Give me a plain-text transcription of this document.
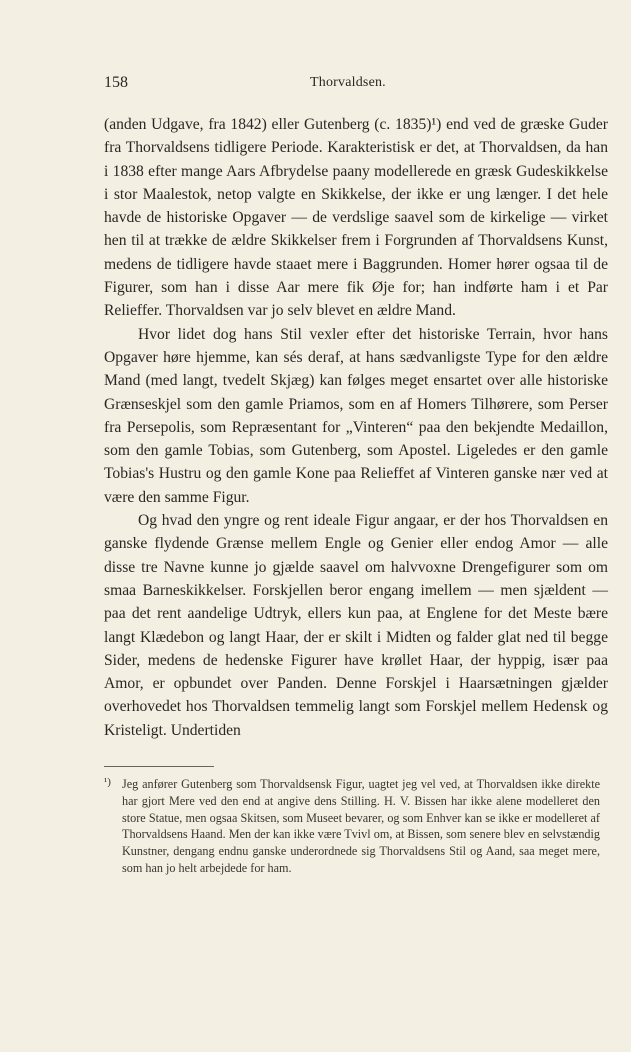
158	Thorvaldsen.

(anden Udgave, fra 1842) eller Gutenberg (c. 1835)¹) end ved de græske Guder fra Thorvaldsens tidligere Periode. Karakteristisk er det, at Thorvaldsen, da han i 1838 efter mange Aars Afbrydelse paany modellerede en græsk Gudeskikkelse i stor Maalestok, netop valgte en Skikkelse, der ikke er ung længer. I det hele havde de historiske Opgaver — de verdslige saavel som de kirkelige — virket hen til at trække de ældre Skikkelser frem i Forgrunden af Thorvaldsens Kunst, medens de tidligere havde staaet mere i Baggrunden. Homer hører ogsaa til de Figurer, som han i disse Aar mere fik Øje for; han indførte ham i et Par Relieffer. Thorvaldsen var jo selv blevet en ældre Mand.

Hvor lidet dog hans Stil vexler efter det historiske Terrain, hvor hans Opgaver høre hjemme, kan sés deraf, at hans sædvanligste Type for den ældre Mand (med langt, tvedelt Skjæg) kan følges meget ensartet over alle historiske Grænseskjel som den gamle Priamos, som en af Homers Tilhørere, som Perser fra Persepolis, som Repræsentant for „Vinteren“ paa den bekjendte Medaillon, som den gamle Tobias, som Gutenberg, som Apostel. Ligeledes er den gamle Tobias's Hustru og den gamle Kone paa Relieffet af Vinteren ganske nær ved at være den samme Figur.

Og hvad den yngre og rent ideale Figur angaar, er der hos Thorvaldsen en ganske flydende Grænse mellem Engle og Genier eller endog Amor — alle disse tre Navne kunne jo gjælde saavel om halvvoxne Drengefigurer som om smaa Barneskikkelser. Forskjellen beror engang imellem — men sjældent — paa det rent aandelige Udtryk, ellers kun paa, at Englene for det Meste bære langt Klædebon og langt Haar, der er skilt i Midten og falder glat ned til begge Sider, medens de hedenske Figurer have krøllet Haar, der hyppig, især paa Amor, er opbundet over Panden. Denne Forskjel i Haarsætningen gjælder overhovedet hos Thorvaldsen temmelig langt som Forskjel mellem Hedensk og Kristeligt. Undertiden

¹) Jeg anfører Gutenberg som Thorvaldsensk Figur, uagtet jeg vel ved, at Thorvaldsen ikke direkte har gjort Mere ved den end at angive dens Stilling. H. V. Bissen har ikke alene modelleret den store Statue, men ogsaa Skitsen, som Museet bevarer, og som Enhver kan se ikke er modelleret af Thorvaldsens Haand. Men der kan ikke være Tvivl om, at Bissen, som senere blev en selvstændig Kunstner, dengang endnu ganske underordnede sig Thorvaldsens Stil og Aand, saa meget mere, som han jo helt arbejdede for ham.
